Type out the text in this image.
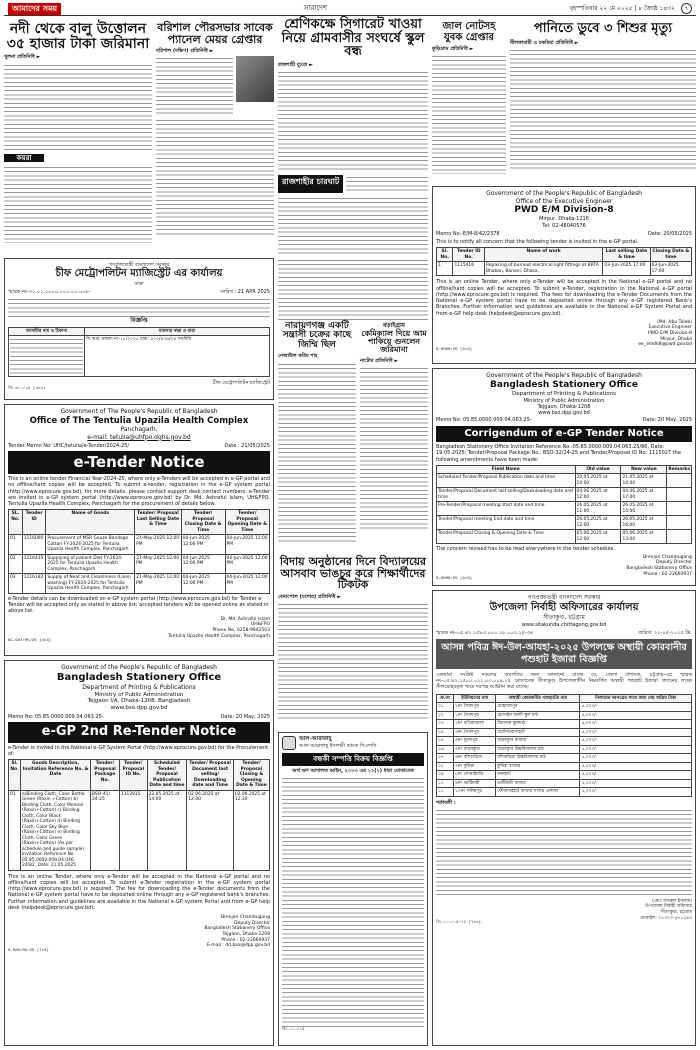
আমাদের সময়	সারাদেশ	বৃহস্পতিবার ২২ মে ২০২৫ | ৮ জ্যৈষ্ঠ ১৪৩২ ৭
নদী থেকে বালু উত্তোলন ৩৫ হাজার টাকা জরিমানা
খুলনা প্রতিনিধি ►
কয়রা
বরিশাল পৌরসভার সাবেক প্যানেল মেয়র গ্রেপ্তার
বরিশাল (দক্ষিণ) প্রতিনিধি ►
শ্রেণিকক্ষে সিগারেট খাওয়া নিয়ে গ্রামবাসীর সংঘর্ষে স্কুল বন্ধ
রাজশাহী ব্যুরো ►
রাজশাহীর চারঘাট
জাল নোটসহ যুবক গ্রেপ্তার
কুড়িগ্রাম প্রতিনিধি ►
পানিতে ডুবে ৩ শিশুর মৃত্যু
নীলফামারী ও চকরিয়া প্রতিনিধি ►
গণপ্রজাতন্ত্রী বাংলাদেশ সরকার
চীফ মেট্রোপলিটন ম্যাজিস্ট্রেট এর কার্যালয়
ঢাকা
স্মারক নং-৩২.০১.০০০০.০০০.০০.০০৮-	তারিখ : 21 APR 2025
বিজ্ঞপ্তি
আসামীর নাম ও ঠিকানা	মামলার নম্বর ও ধারা

	সি.আর. মামলা নং-১৮/২০২৫ ধারা: ৪২০/৪০৬/৩৪ দণ্ডবিধি
চীফ মেট্রোপলিটন ম্যাজিস্ট্রেট
জি-৬০০/২৫ (৩×৪)
নারায়ণগঞ্জ একটি সন্ত্রাসী চক্রের কাছে জিম্মি ছিল
নেজাউল করিম শাহ
বড়াইগ্রাম
কেমিক্যাল দিয়ে আম পাকিয়ে গুনলেন জরিমানা
নাটোর প্রতিনিধি ►
Government of the People's Republic of Bangladesh
Office of the Executive Engineer
PWD E/M Division-8
Mirpur, Dhaka-1216
Tel: 02-48040576
Memo No.-E/M-8/42/2378	Date: 20/05/2025
This is to notify all concern that the following tender is invited in the e-GP portal.
Sl. No.	Tender ID No.	Name of work	Last selling Date & time	Closing Date & time
1.	1115416	Repairing of burnout electrical light fittings at BRTA Bhaban, Banani, Dhaka.	03-Jun-2025 17:00	03-Jun-2025 17:00
This is an online Tender, where only e-Tender will be accepted in the National e-GP portal and no offline/hard copies will be accepted. To submit e-Tender, registration in the National e-GP portal (http://www.eprocure.gov.bd) is required. The fees for downloading the e-Tender Documents from the National e-GP system portal have to be deposited online through any e-GP registered Bank's Branches. Further information and guidelines are available in the National e-GP System Portal and from e-GP help desk (helpdesk@eprocure.gov.bd).
(Md. Abu Taleb)
Executive Engineer
PWD E/M Division-8
Mirpur, Dhaka
ee_emdk8@pwd.gov.bd
G-0000/25 (4×3)
Government of The People's Republic of Bangladesh
Office of The Tentulia Upazila Health Complex
Panchagarh.
e-mail: tetulia@uhfpo.dghs.gov.bd
Tender Memo No: UHC/tetulia/e-Tender/2024-25/	Date : 21/05/2025
e-Tender Notice
This is an online tender Financial Year-2024-25, where only e-Tenders will be accepted in e-GP portal and no offline/hard copies will be accepted. To submit e-tender, registration in the e-GP system portal (http://www.eprocure.gov.bd), for more details, please contact support desk contact numbers, e-Tender are invited in e-GP system portal (http://www.eprocure.gov.bd) by Dr. Md. Ashraful Islam, UH&FPO, Tentulia Upazila Health Complex, Panchagarh for the procurement of details below.
SL. No.	Tender ID	Name of Goods	Tender/ Proposal Last Selling Date & Time	Tender/ Proposal Closing Date & Time	Tender/ Proposal Opening Date & Time
01	1116090	Procurement of MSR Gauze Bandage Cotton FY-2024-2025 for Tentulia Upazila Health Complex, Panchagarh	21-May-2025 12:00 PM	04-Jun-2025 12:00 PM	04-Jun-2025 12:00 PM
02	1116435	Supplying of patient Diet FY-2024-2025 for Tentulia Upazila Health Complex, Panchagarh	21-May-2025 12:00 PM	04-Jun-2025 12:00 PM	04-Jun-2025 12:00 PM
03	1116182	Supply of Neat and Cleanliness (Linen washing) FY-2024-2025 for Tentulia Upazila Health Complex, Panchagarh	21-May-2025 12:00 PM	04-Jun-2025 12:00 PM	04-Jun-2025 12:00 PM
e-Tender details can be downloaded on e-GP system portal (http://www.eprocure.gov.bd) for Tender e-Tender will be accepted only as stated in above list; accepted tenders will be opened online as stated in above list.
Dr. Md. Ashraful Islam
UH&FPO
Phone No: 0258-9942503
Tentulia Upazila Health Complex, Panchagarh
GC-997/05/25 (4×3)
Government of the People's Republic of Bangladesh
Bangladesh Stationery Office
Department of Printing & Publications
Ministry of Public Administration
Tejgaon, Dhaka-1208
www.bso.dpp.gov.bd
Memo No: 05.85.0000.009.04.063.25-	Date: 20 May, 2025
Corrigendum of e-GP Tender Notice
Bangladesh Stationery Office Invitation Reference No.-05.85.0000.009.04.063.25/86, Date: 19.05.2025; Tender/Proposal Package No.: BSO-32/24-25 and Tender/Proposal ID No: 1115027 the following amendments have been made:
Field Name	Old value	New value	Remarks
Scheduled Tender/Proposal Publication date and time	20.05.2025 at 14:00	21.05.2025 at 14:00	
Tender/Proposal Document last selling/Downloading date and time	04.06.2025 at 12:00	04.06.2025 at 17:00	
Pre-Tender/Proposal meeting start date and time	26.05.2025 at 11:00	26.05.2025 at 14:00	
Tender/Proposal meeting End date and time	26.05.2025 at 12:00	26.05.2025 at 16:00	
Tender/Proposal Closing & Opening Date & Time	05.06.2025 at 12:00	05.06.2025 at 13:00	
The concern revised has to be read everywhere in the tender schedule.
Brenjon Chambugong
Deputy Director
Bangladesh Stationery Office
Phone : 02-22660937
G-0000/25 (4×3)
বিদায় অনুষ্ঠানের দিনে বিদ্যালয়ের আসবাব ভাঙচুর করে শিক্ষার্থীদের টিকটক
বেনাপোল (যশোর) প্রতিনিধি ►
Government of the People's Republic of Bangladesh
Bangladesh Stationery Office
Department of Printing & Publications
Ministry of Public Administration
Tejgaon I/A, Dhaka-1208, Bangladesh
www.bso.dpp.gov.bd
Memo No: 05.85.0000.009.04.063.25-	Date: 20 May, 2025
e-GP 2nd Re-Tender Notice
e-Tender is invited in the National e-GP System Portal (http://www.eprocure.gov.bd) for the Procurement of:
Sl. No.	Goods Description, Invitation Reference No. & Date	Tender/ Proposal Package No.	Tender/ Proposal ID No.	Scheduled Tender/ Proposal Publication Date and time	Tender/ Proposal Document last selling/ Downloading date and Time	Tender/ Proposal Closing & Opening Date & Time
01	a)Binding Cloth, Color Bottle Green (Raxin +Cotton) b) Binding Cloth, Color Meroon (Raxin+Cotton) c) Binding Cloth, Color Black (Raxin+Cotton) d) Binding Cloth, Color Sky Blue (Raxin+Cotton) e) Binding Cloth, Color Green (Raxin+Cotton) (As per schedule and guide sample) Invitation Reference No 05.85.0000.009.04.046. 24/82, Date: 21.05.2025	BSO-41/ 24-25	1112915	22.05.2025 at 14:00	02.06.2025 at 12:00	02.06.2025 at 12:30
This is an online Tender, where only e-Tender will be accepted in the National e-GP portal and no offline/hard copies will be accepted. To submit e-Tender registration in the e-GP system portal (http://www.eprocure.gov.bd) is required. The fee for downloading the e-Tender documents from the National e-GP system portal have to be deposited online through any e-GP registered bank's branches. Further information and guidelines are available in the National e-GP system Portal and from e-GP help desk (helpdesk@eprocure.gov.bd).
Brenjon Chambugong
Deputy Director
Bangladesh Stationery Office
Tejgaon, Dhaka-1208
Phone : 02-22660937
E-mail : dd.bso@dpp.gov.bd
G-000/05/25 (7×3)
আল-আরাফাহ্‌
আল-আরাফাহ্‌ ইসলামী ব্যাংক পিএলসি
বন্ধকী সম্পত্তি বিক্রয় বিজ্ঞপ্তি
অর্থ ঋণ আদালত আইন, ২০০৩ এর ১২(১) ধারা মোতাবেক
জি-০০০/২৫
গণপ্রজাতন্ত্রী বাংলাদেশ সরকার
উপজেলা নির্বাহী অফিসারের কার্যালয়
সীতাকুণ্ড, চট্টগ্রাম
www.sitakunda.chittagong.gov.bd
স্মারক নং-০৫.৪৭.১৫৮৩.০০০.১৮.০০৩.২৫-৩৪	তারিখ: ২১-০৫-২০২৫ খ্রি.
আসন্ন পবিত্র ঈদ-উল-আযহা-২০২৫ উপলক্ষে অস্থায়ী কোরবানীর পশুহাট ইজারা বিজ্ঞপ্তি
এতদ্বারা সংশ্লিষ্ট সকলের অবগতির জন্য জানানো যাচ্ছে যে, জেলা প্রশাসক, চট্টগ্রাম-এর স্মারক নং-০৫.৪২.১৫০০.০২১.০৩.০০৪.২৫ মোতাবেক সীতাকুণ্ড উপজেলাধীন নিম্নবর্ণিত অস্থায়ী পশুহাট ইজারা প্রদানের লক্ষ্যে সীলমোহরকৃত খামে দরপত্র আহ্বান করা যাচ্ছে।
ক্র.নং	ইউনিয়নের নাম	অস্থায়ী কোরবানীর পশুহাটের নাম	নিলামের দরপত্রের সাথে জমা দেয় অগ্রিম টাকা
০১	১নং সৈয়দপুর	মোহাম্মদপুর	৫,০০০/-
০২	১নং সৈয়দপুর	হোসাইন আলী স্কুল মাঠ	৫,০০০/-
০৩	২নং বারৈয়াঢালা	মিয়াজন স্কুলমাঠ	৫,০০০/-
০৪	৩নং সৈয়দপুর	ছোটদারোগাহাট	৫,০০০/-
০৫	৪নং মুরাদপুর	বাড়বকুণ্ড বাজার	৫,০০০/-
০৬	৫নং বাড়বকুণ্ড	বাড়বকুণ্ড উচ্চবিদ্যালয় মাঠ	৫,০০০/-
০৭	৬নং বাঁশবাড়িয়া	বাঁশবাড়িয়া উচ্চবিদ্যালয় মাঠ	৫,০০০/-
০৮	৭নং কুমিরা	কুমিরা বাজার	৫,০০০/-
০৯	৮নং সোনাইছড়ি	মদনহাট	৫,০০০/-
১০	৯নং ভাটিয়ারী	ভাটিয়ারী বাজার	৫,০০০/-
১১	১০নং সলিমপুর	ফৌজদারহাট বাজার সংলগ্ন এলাকা	৫,০০০/-
শর্তাবলী :
(মোঃ ফখরুল ইসলাম)
উপজেলা নির্বাহী অফিসার
সীতাকুণ্ড, চট্টগ্রাম
মোবাইল: ০১৩২৩-৫৭১২৯৩
জি-১০০/০৫/২৫ (৭×৩)
